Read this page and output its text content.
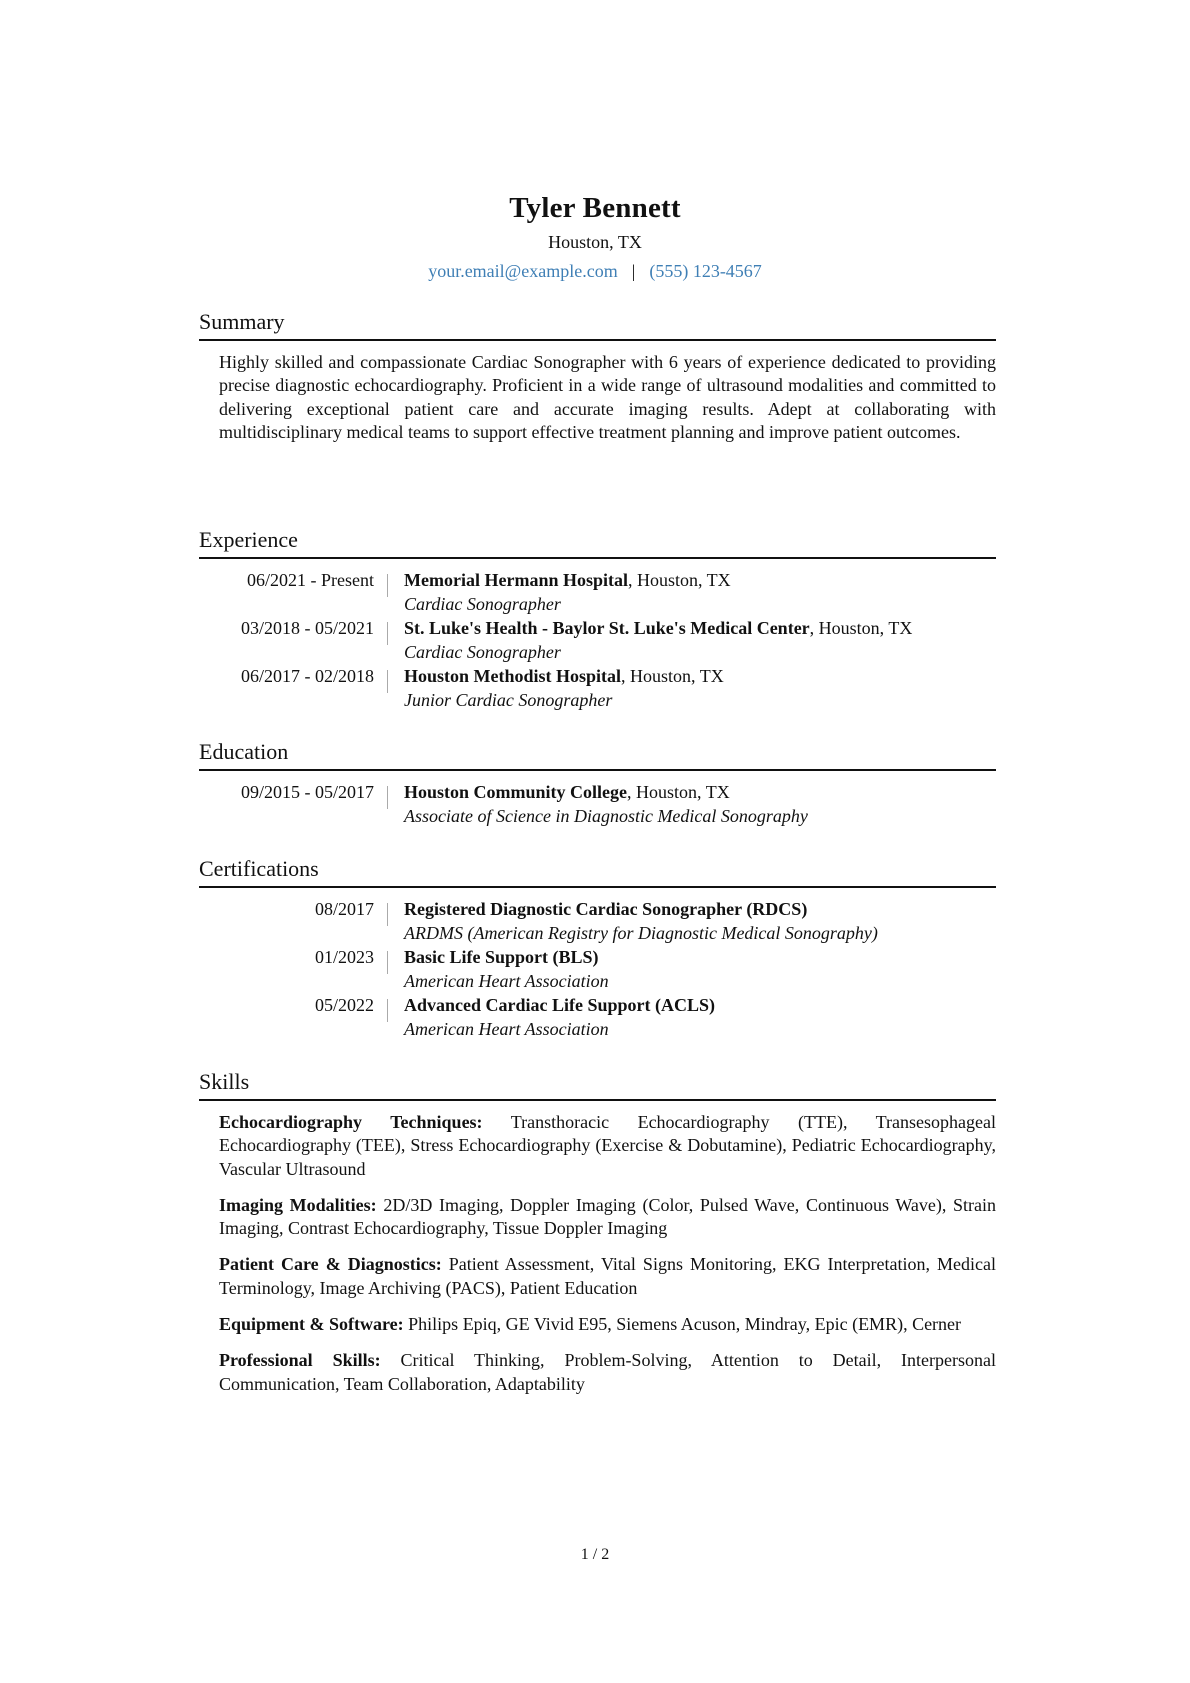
Tyler Bennett
Houston, TX
your.email@example.com | (555) 123-4567
Summary
Highly skilled and compassionate Cardiac Sonographer with 6 years of experience dedicated to providing precise diagnostic echocardiography. Proficient in a wide range of ultrasound modalities and committed to delivering exceptional patient care and accurate imaging results. Adept at collaborating with multidisciplinary medical teams to support effective treatment planning and improve patient outcomes.
Experience
06/2021 - Present	Memorial Hermann Hospital, Houston, TX
Cardiac Sonographer
03/2018 - 05/2021	St. Luke's Health - Baylor St. Luke's Medical Center, Houston, TX
Cardiac Sonographer
06/2017 - 02/2018	Houston Methodist Hospital, Houston, TX
Junior Cardiac Sonographer
Education
09/2015 - 05/2017	Houston Community College, Houston, TX
Associate of Science in Diagnostic Medical Sonography
Certifications
08/2017	Registered Diagnostic Cardiac Sonographer (RDCS)
ARDMS (American Registry for Diagnostic Medical Sonography)
01/2023	Basic Life Support (BLS)
American Heart Association
05/2022	Advanced Cardiac Life Support (ACLS)
American Heart Association
Skills
Echocardiography Techniques: Transthoracic Echocardiography (TTE), Transesophageal Echocardiography (TEE), Stress Echocardiography (Exercise & Dobutamine), Pediatric Echocardiography, Vascular Ultrasound
Imaging Modalities: 2D/3D Imaging, Doppler Imaging (Color, Pulsed Wave, Continuous Wave), Strain Imaging, Contrast Echocardiography, Tissue Doppler Imaging
Patient Care & Diagnostics: Patient Assessment, Vital Signs Monitoring, EKG Interpretation, Medical Terminology, Image Archiving (PACS), Patient Education
Equipment & Software: Philips Epiq, GE Vivid E95, Siemens Acuson, Mindray, Epic (EMR), Cerner
Professional Skills: Critical Thinking, Problem-Solving, Attention to Detail, Interpersonal Communication, Team Collaboration, Adaptability
1 / 2
